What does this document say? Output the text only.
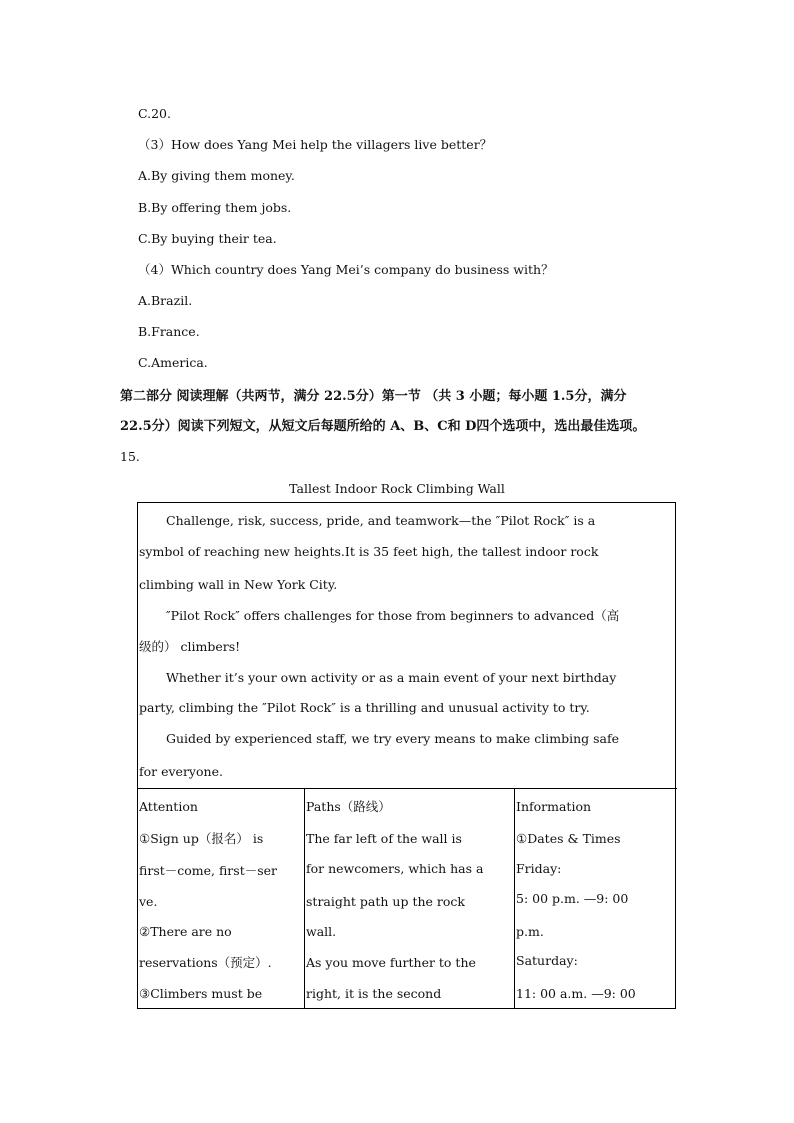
C.20.
（3）How does Yang Mei help the villagers live better？
A.By giving them money.
B.By offering them jobs.
C.By buying their tea.
（4）Which country does Yang Mei’s company do business with？
A.Brazil.
B.France.
C.America.
第二部分 阅读理解（共两节，满分 22.5分）第一节 （共 3 小题；每小题 1.5分，满分
22.5分）阅读下列短文，从短文后每题所给的 A、B、C和 D四个选项中，选出最佳选项。
15.
Tallest Indoor Rock Climbing Wall
Challenge, risk, success, pride, and teamwork—the ″Pilot Rock″ is a
symbol of reaching new heights.It is 35 feet high, the tallest indoor rock
climbing wall in New York City.
″Pilot Rock″ offers challenges for those from beginners to advanced（高
级的） climbers!
Whether it’s your own activity or as a main event of your next birthday
party, climbing the ″Pilot Rock″ is a thrilling and unusual activity to try.
Guided by experienced staff, we try every means to make climbing safe
for everyone.
Attention
①Sign up（报名） is
first－come, first－ser
ve.
②There are no
reservations（预定）.
③Climbers must be
Paths（路线）
The far left of the wall is
for newcomers, which has a
straight path up the rock
wall.
As you move further to the
right, it is the second
Information
①Dates & Times
Friday:
5: 00 p.m. —9: 00
p.m.
Saturday:
11: 00 a.m. —9: 00
